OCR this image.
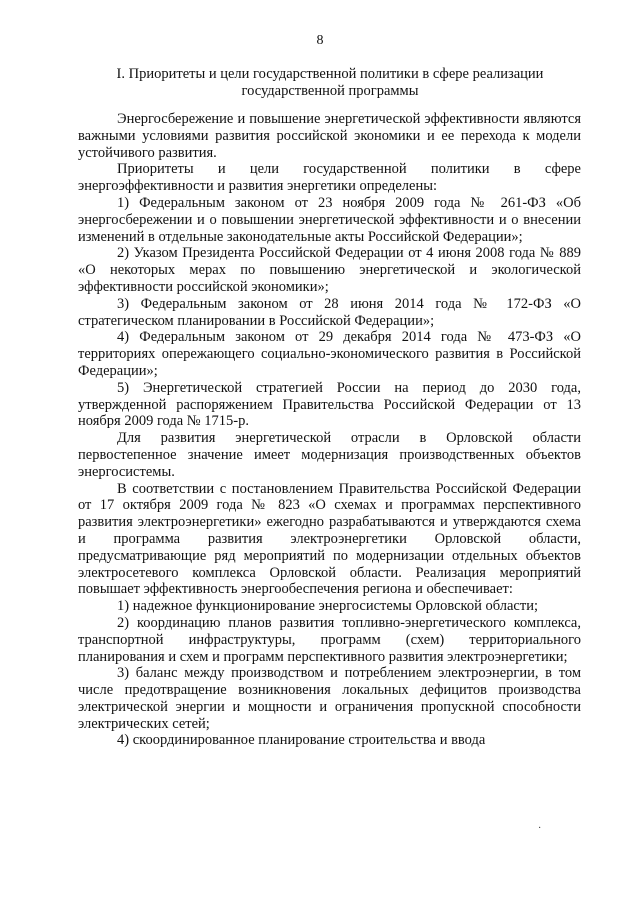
8
I. Приоритеты и цели государственной политики в сфере реализации государственной программы

Энергосбережение и повышение энергетической эффективности являются важными условиями развития российской экономики и ее перехода к модели устойчивого развития.

Приоритеты и цели государственной политики в сфере энергоэффективности и развития энергетики определены:

1) Федеральным законом от 23 ноября 2009 года № 261-ФЗ «Об энергосбережении и о повышении энергетической эффективности и о внесении изменений в отдельные законодательные акты Российской Федерации»;

2) Указом Президента Российской Федерации от 4 июня 2008 года № 889 «О некоторых мерах по повышению энергетической и экологической эффективности российской экономики»;

3) Федеральным законом от 28 июня 2014 года № 172-ФЗ «О стратегическом планировании в Российской Федерации»;

4) Федеральным законом от 29 декабря 2014 года № 473-ФЗ «О территориях опережающего социально-экономического развития в Российской Федерации»;

5) Энергетической стратегией России на период до 2030 года, утвержденной распоряжением Правительства Российской Федерации от 13 ноября 2009 года № 1715-р.

Для развития энергетической отрасли в Орловской области первостепенное значение имеет модернизация производственных объектов энергосистемы.

В соответствии с постановлением Правительства Российской Федерации от 17 октября 2009 года № 823 «О схемах и программах перспективного развития электроэнергетики» ежегодно разрабатываются и утверждаются схема и программа развития электроэнергетики Орловской области, предусматривающие ряд мероприятий по модернизации отдельных объектов электросетевого комплекса Орловской области. Реализация мероприятий повышает эффективность энергообеспечения региона и обеспечивает:

1) надежное функционирование энергосистемы Орловской области;

2) координацию планов развития топливно-энергетического комплекса, транспортной инфраструктуры, программ (схем) территориального планирования и схем и программ перспективного развития электроэнергетики;

3) баланс между производством и потреблением электроэнергии, в том числе предотвращение возникновения локальных дефицитов производства электрической энергии и мощности и ограничения пропускной способности электрических сетей;

4) скоординированное планирование строительства и ввода

·
